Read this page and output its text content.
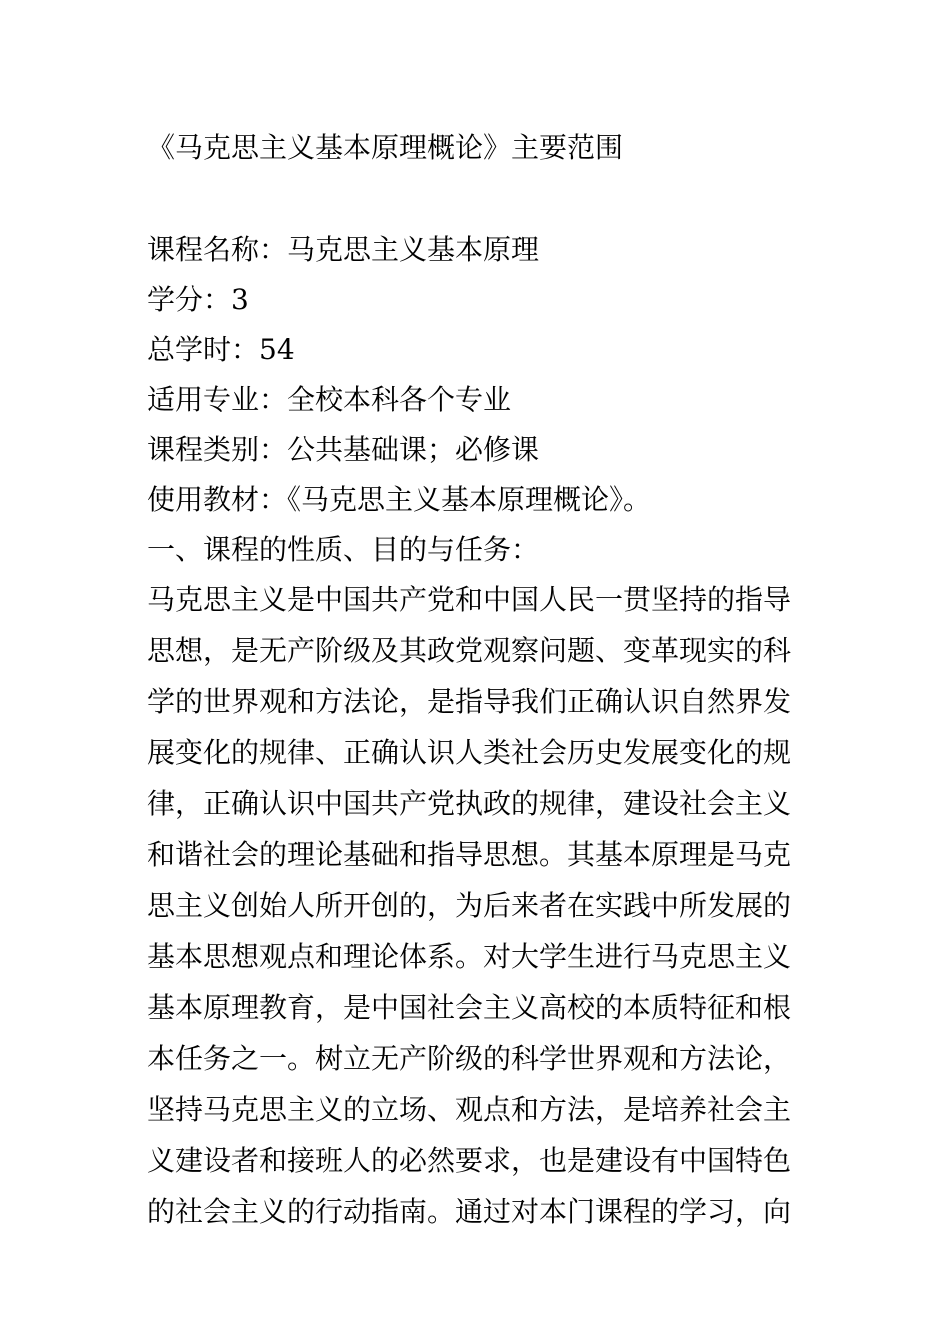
《马克思主义基本原理概论》主要范围
课程名称：马克思主义基本原理
学分：3
总学时：54
适用专业：全校本科各个专业
课程类别：公共基础课；必修课
使用教材：《马克思主义基本原理概论》。
一、课程的性质、目的与任务：
马克思主义是中国共产党和中国人民一贯坚持的指导
思想，是无产阶级及其政党观察问题、变革现实的科
学的世界观和方法论，是指导我们正确认识自然界发
展变化的规律、正确认识人类社会历史发展变化的规
律，正确认识中国共产党执政的规律，建设社会主义
和谐社会的理论基础和指导思想。其基本原理是马克
思主义创始人所开创的，为后来者在实践中所发展的
基本思想观点和理论体系。对大学生进行马克思主义
基本原理教育，是中国社会主义高校的本质特征和根
本任务之一。树立无产阶级的科学世界观和方法论，
坚持马克思主义的立场、观点和方法，是培养社会主
义建设者和接班人的必然要求，也是建设有中国特色
的社会主义的行动指南。通过对本门课程的学习，向
